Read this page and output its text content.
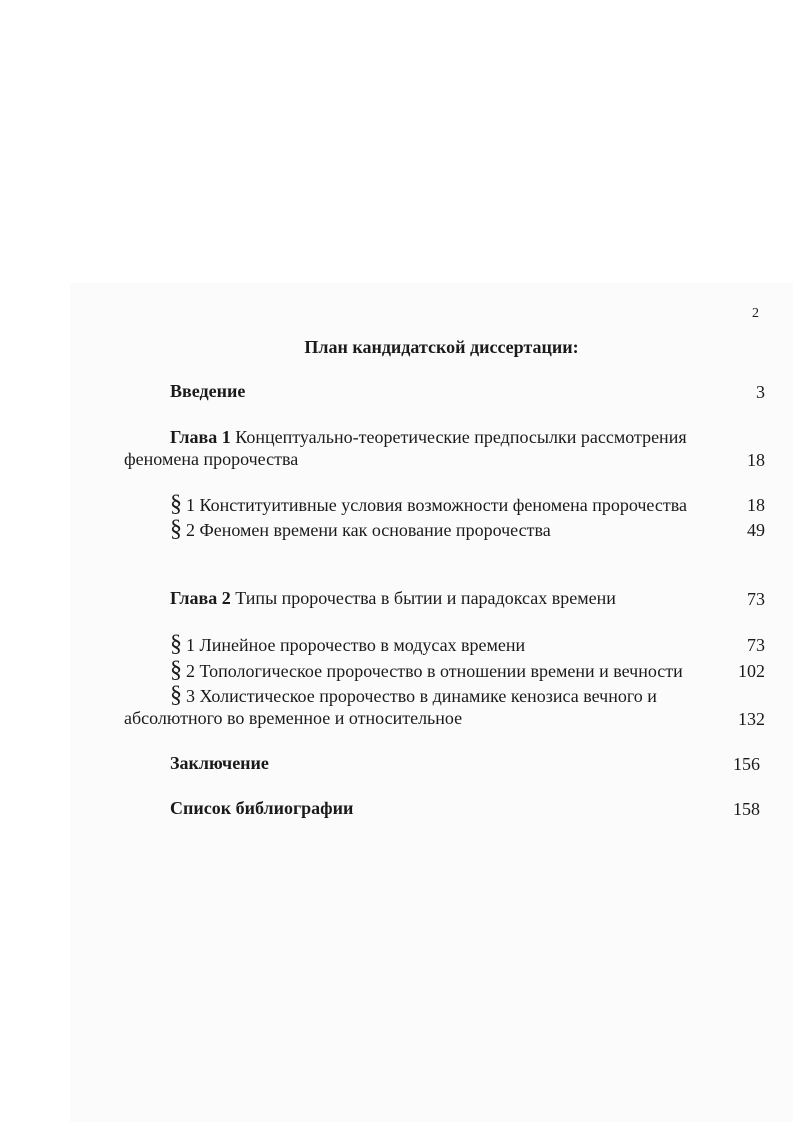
2
План кандидатской диссертации:
Введение	3
Глава 1 Концептуально-теоретические предпосылки рассмотрения
феномена пророчества	18
§ 1 Конституитивные условия возможности феномена пророчества	18
§ 2 Феномен времени как основание пророчества	49
Глава 2 Типы пророчества в бытии и парадоксах времени	73
§ 1 Линейное пророчество в модусах времени	73
§ 2 Топологическое пророчество в отношении времени и вечности	102
§ 3 Холистическое пророчество в динамике кенозиса вечного и
абсолютного во временное и относительное	132
Заключение	156
Список библиографии	158
